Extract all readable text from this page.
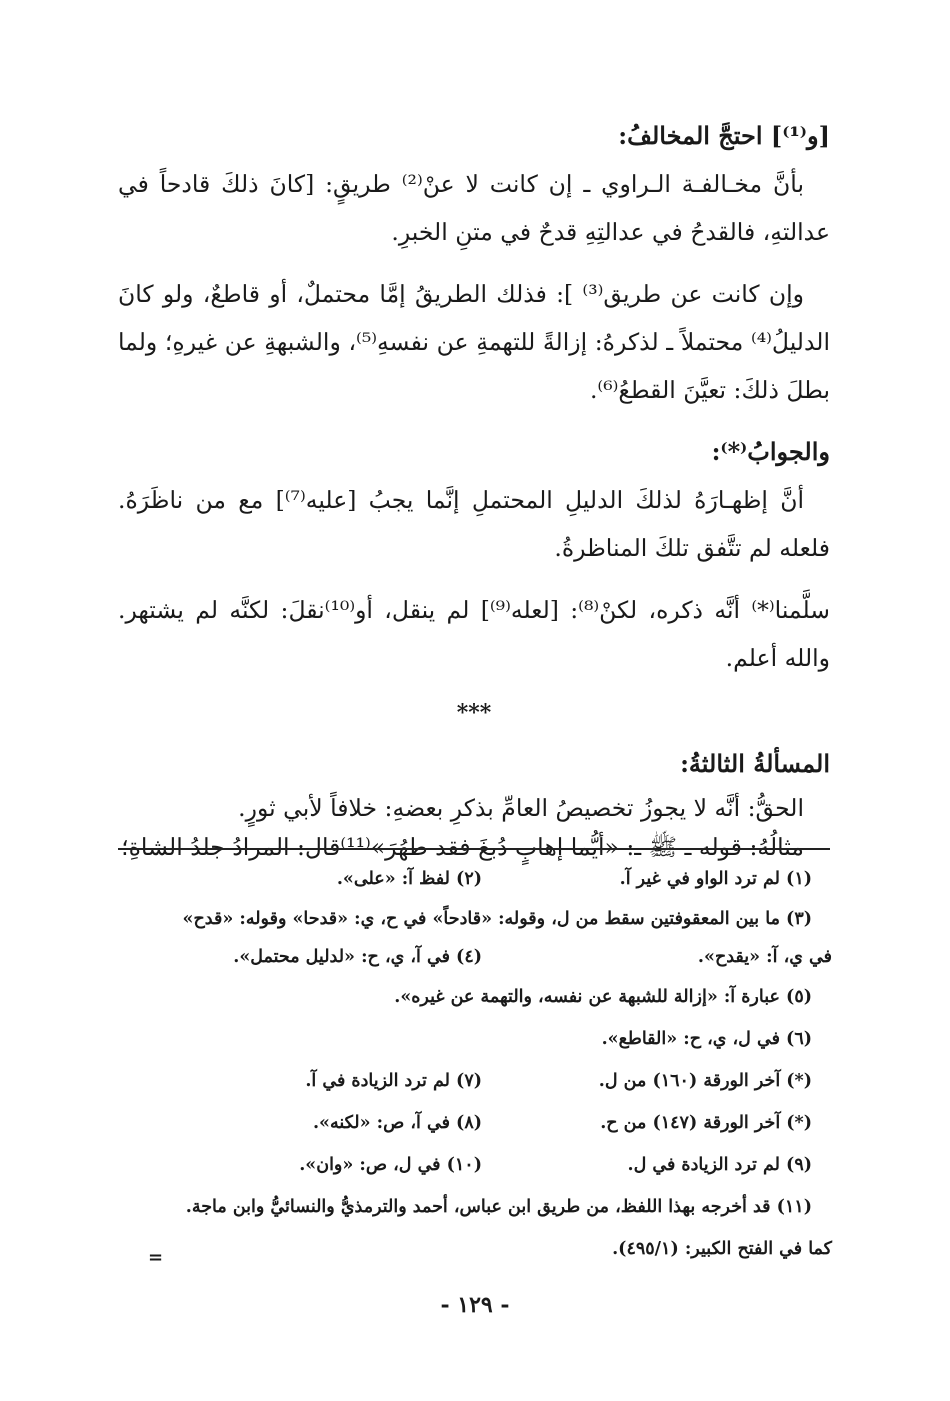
[و⁽¹⁾] احتجَّ المخالفُ:

بأنَّ مخـالفـة الـراوي ـ إن كانت لا عنْ⁽²⁾ طريقٍ: [كانَ ذلكَ قادحاً في عدالتهِ، فالقدحُ في عدالتِهِ قدحٌ في متنِ الخبرِ.

وإن كانت عن طريق⁽³⁾ ]: فذلك الطريقُ إمَّا محتملٌ، أو قاطعٌ، ولو كانَ الدليلُ⁽⁴⁾ محتملاً ـ لذكرهُ: إزالةً للتهمةِ عن نفسهِ⁽⁵⁾، والشبهةِ عن غيرهِ؛ ولما بطلَ ذلكَ: تعيَّنَ القطعُ⁽⁶⁾.

والجوابُ⁽*⁾:

أنَّ إظهـارَهُ لذلكَ الدليلِ المحتملِ إنَّما يجبُ [عليه⁽⁷⁾] مع من ناظَرَهُ. فلعله لم تتَّفق تلكَ المناظرةُ.

سلَّمنا⁽*⁾ أنَّه ذكره، لكنْ⁽⁸⁾: [لعله⁽⁹⁾] لم ينقل، أو⁽¹⁰⁾نقلَ: لكنَّه لم يشتهر. والله أعلم.

***

المسألةُ الثالثةُ:

الحقُّ: أنَّه لا يجوزُ تخصيصُ العامِّ بذكرِ بعضهِ: خلافاً لأبي ثورٍ.

مثالُهُ: قوله ـ ﷺ ـ: «أيُّما إهابٍ دُبغَ فقد طهُرَ»⁽¹¹⁾قال: المرادُ جلدُ الشاةِ؛

(١) لم ترد الواو في غير آ.
(٢) لفظ آ: «على».
(٣) ما بين المعقوفتين سقط من ل، وقوله: «قادحاً» في ح، ي: «قدحا» وقوله: «قدح»
في ي، آ: «يقدح».
(٤) في آ، ي، ح: «لدليل محتمل».
(٥) عبارة آ: «إزالة للشبهة عن نفسه، والتهمة عن غيره».
(٦) في ل، ي، ح: «القاطع».
(*) آخر الورقة (١٦٠) من ل.
(٧) لم ترد الزيادة في آ.
(*) آخر الورقة (١٤٧) من ح.
(٨) في آ، ص: «لكنه».
(٩) لم ترد الزيادة في ل.
(١٠) في ل، ص: «وان».
(١١) قد أخرجه بهذا اللفظ، من طريق ابن عباس، أحمد والترمذيُّ والنسائيُّ وابن ماجة.
كما في الفتح الكبير: (٤٩٥/١).
=
- ١٢٩ -
